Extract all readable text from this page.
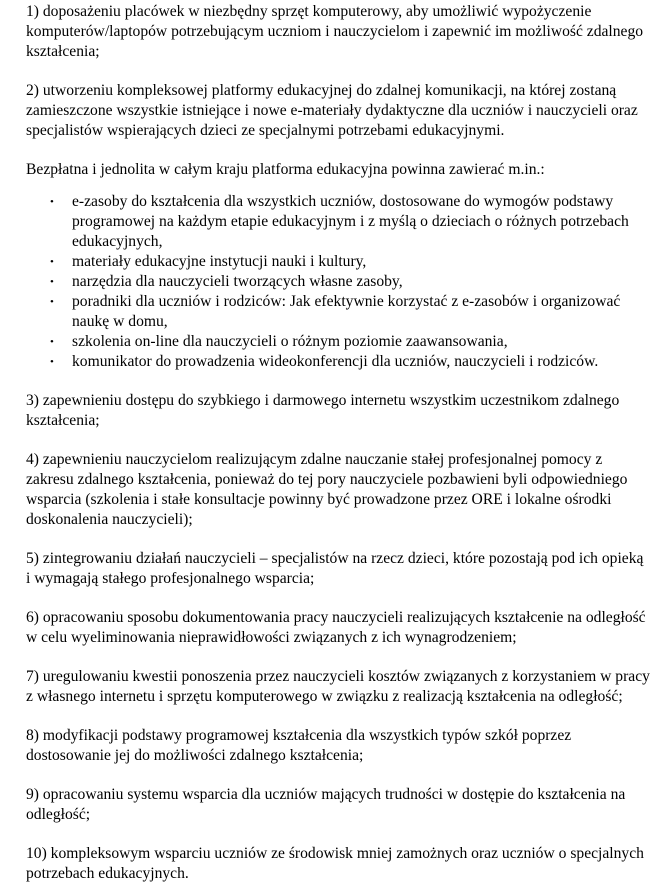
1) doposażeniu placówek w niezbędny sprzęt komputerowy, aby umożliwić wypożyczenie komputerów/laptopów potrzebującym uczniom i nauczycielom i zapewnić im możliwość zdalnego kształcenia;

2) utworzeniu kompleksowej platformy edukacyjnej do zdalnej komunikacji, na której zostaną zamieszczone wszystkie istniejące i nowe e-materiały dydaktyczne dla uczniów i nauczycieli oraz specjalistów wspierających dzieci ze specjalnymi potrzebami edukacyjnymi.

Bezpłatna i jednolita w całym kraju platforma edukacyjna powinna zawierać m.in.:

• e-zasoby do kształcenia dla wszystkich uczniów, dostosowane do wymogów podstawy programowej na każdym etapie edukacyjnym i z myślą o dzieciach o różnych potrzebach edukacyjnych,
• materiały edukacyjne instytucji nauki i kultury,
• narzędzia dla nauczycieli tworzących własne zasoby,
• poradniki dla uczniów i rodziców: Jak efektywnie korzystać z e-zasobów i organizować naukę w domu,
• szkolenia on-line dla nauczycieli o różnym poziomie zaawansowania,
• komunikator do prowadzenia wideokonferencji dla uczniów, nauczycieli i rodziców.

3) zapewnieniu dostępu do szybkiego i darmowego internetu wszystkim uczestnikom zdalnego kształcenia;

4) zapewnieniu nauczycielom realizującym zdalne nauczanie stałej profesjonalnej pomocy z zakresu zdalnego kształcenia, ponieważ do tej pory nauczyciele pozbawieni byli odpowiedniego wsparcia (szkolenia i stałe konsultacje powinny być prowadzone przez ORE i lokalne ośrodki doskonalenia nauczycieli);

5) zintegrowaniu działań nauczycieli – specjalistów na rzecz dzieci, które pozostają pod ich opieką i wymagają stałego profesjonalnego wsparcia;

6) opracowaniu sposobu dokumentowania pracy nauczycieli realizujących kształcenie na odległość w celu wyeliminowania nieprawidłowości związanych z ich wynagrodzeniem;

7) uregulowaniu kwestii ponoszenia przez nauczycieli kosztów związanych z korzystaniem w pracy z własnego internetu i sprzętu komputerowego w związku z realizacją kształcenia na odległość;

8) modyfikacji podstawy programowej kształcenia dla wszystkich typów szkół poprzez dostosowanie jej do możliwości zdalnego kształcenia;

9) opracowaniu systemu wsparcia dla uczniów mających trudności w dostępie do kształcenia na odległość;

10) kompleksowym wsparciu uczniów ze środowisk mniej zamożnych oraz uczniów o specjalnych potrzebach edukacyjnych.
